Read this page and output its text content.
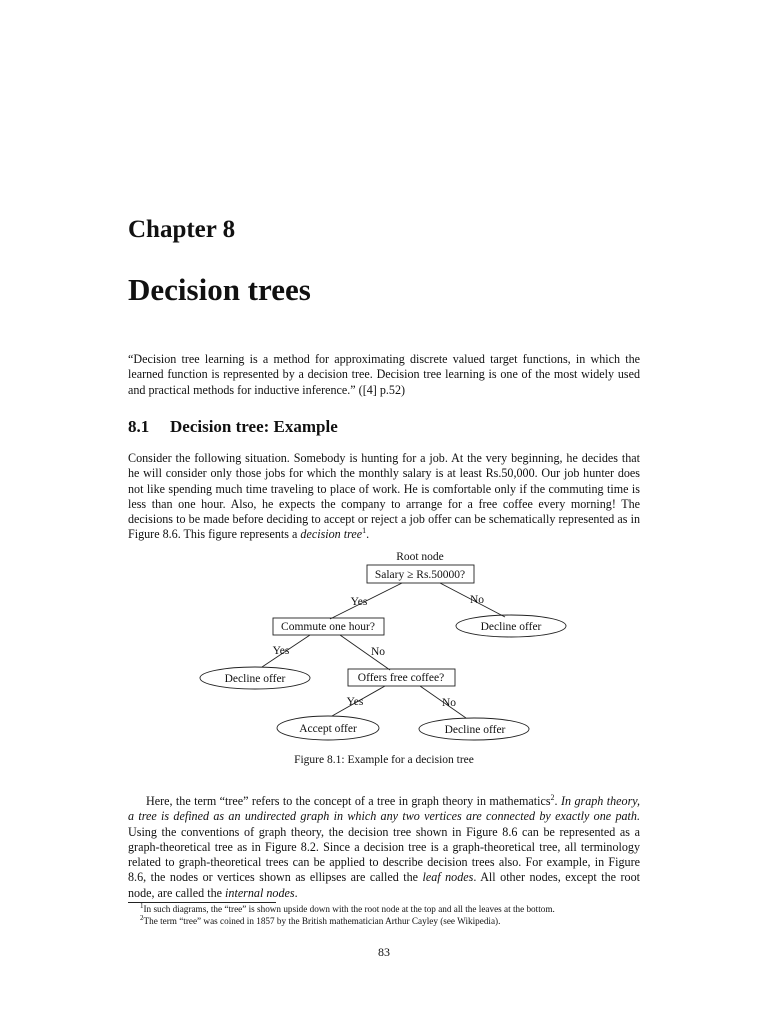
Chapter 8
Decision trees

“Decision tree learning is a method for approximating discrete valued target functions, in which the learned function is represented by a decision tree. Decision tree learning is one of the most widely used and practical methods for inductive inference.” ([4] p.52)

8.1 Decision tree: Example

Consider the following situation. Somebody is hunting for a job. At the very beginning, he decides that he will consider only those jobs for which the monthly salary is at least Rs.50,000. Our job hunter does not like spending much time traveling to place of work. He is comfortable only if the commuting time is less than one hour. Also, he expects the company to arrange for a free coffee every morning! The decisions to be made before deciding to accept or reject a job offer can be schematically represented as in Figure 8.6. This figure represents a decision tree$^1$.

Root node
Salary ≥ Rs.50000?
Commute one hour?	Decline offer
Decline offer	Offers free coffee?
Accept offer	Decline offer
Yes	No
Yes	No
Yes	No

Figure 8.1: Example for a decision tree

Here, the term “tree” refers to the concept of a tree in graph theory in mathematics$^2$. In graph theory, a tree is defined as an undirected graph in which any two vertices are connected by exactly one path. Using the conventions of graph theory, the decision tree shown in Figure 8.6 can be represented as a graph-theoretical tree as in Figure 8.2. Since a decision tree is a graph-theoretical tree, all terminology related to graph-theoretical trees can be applied to describe decision trees also. For example, in Figure 8.6, the nodes or vertices shown as ellipses are called the leaf nodes. All other nodes, except the root node, are called the internal nodes.

$^1$In such diagrams, the “tree” is shown upside down with the root node at the top and all the leaves at the bottom.

$^2$The term “tree” was coined in 1857 by the British mathematician Arthur Cayley (see Wikipedia).

83
